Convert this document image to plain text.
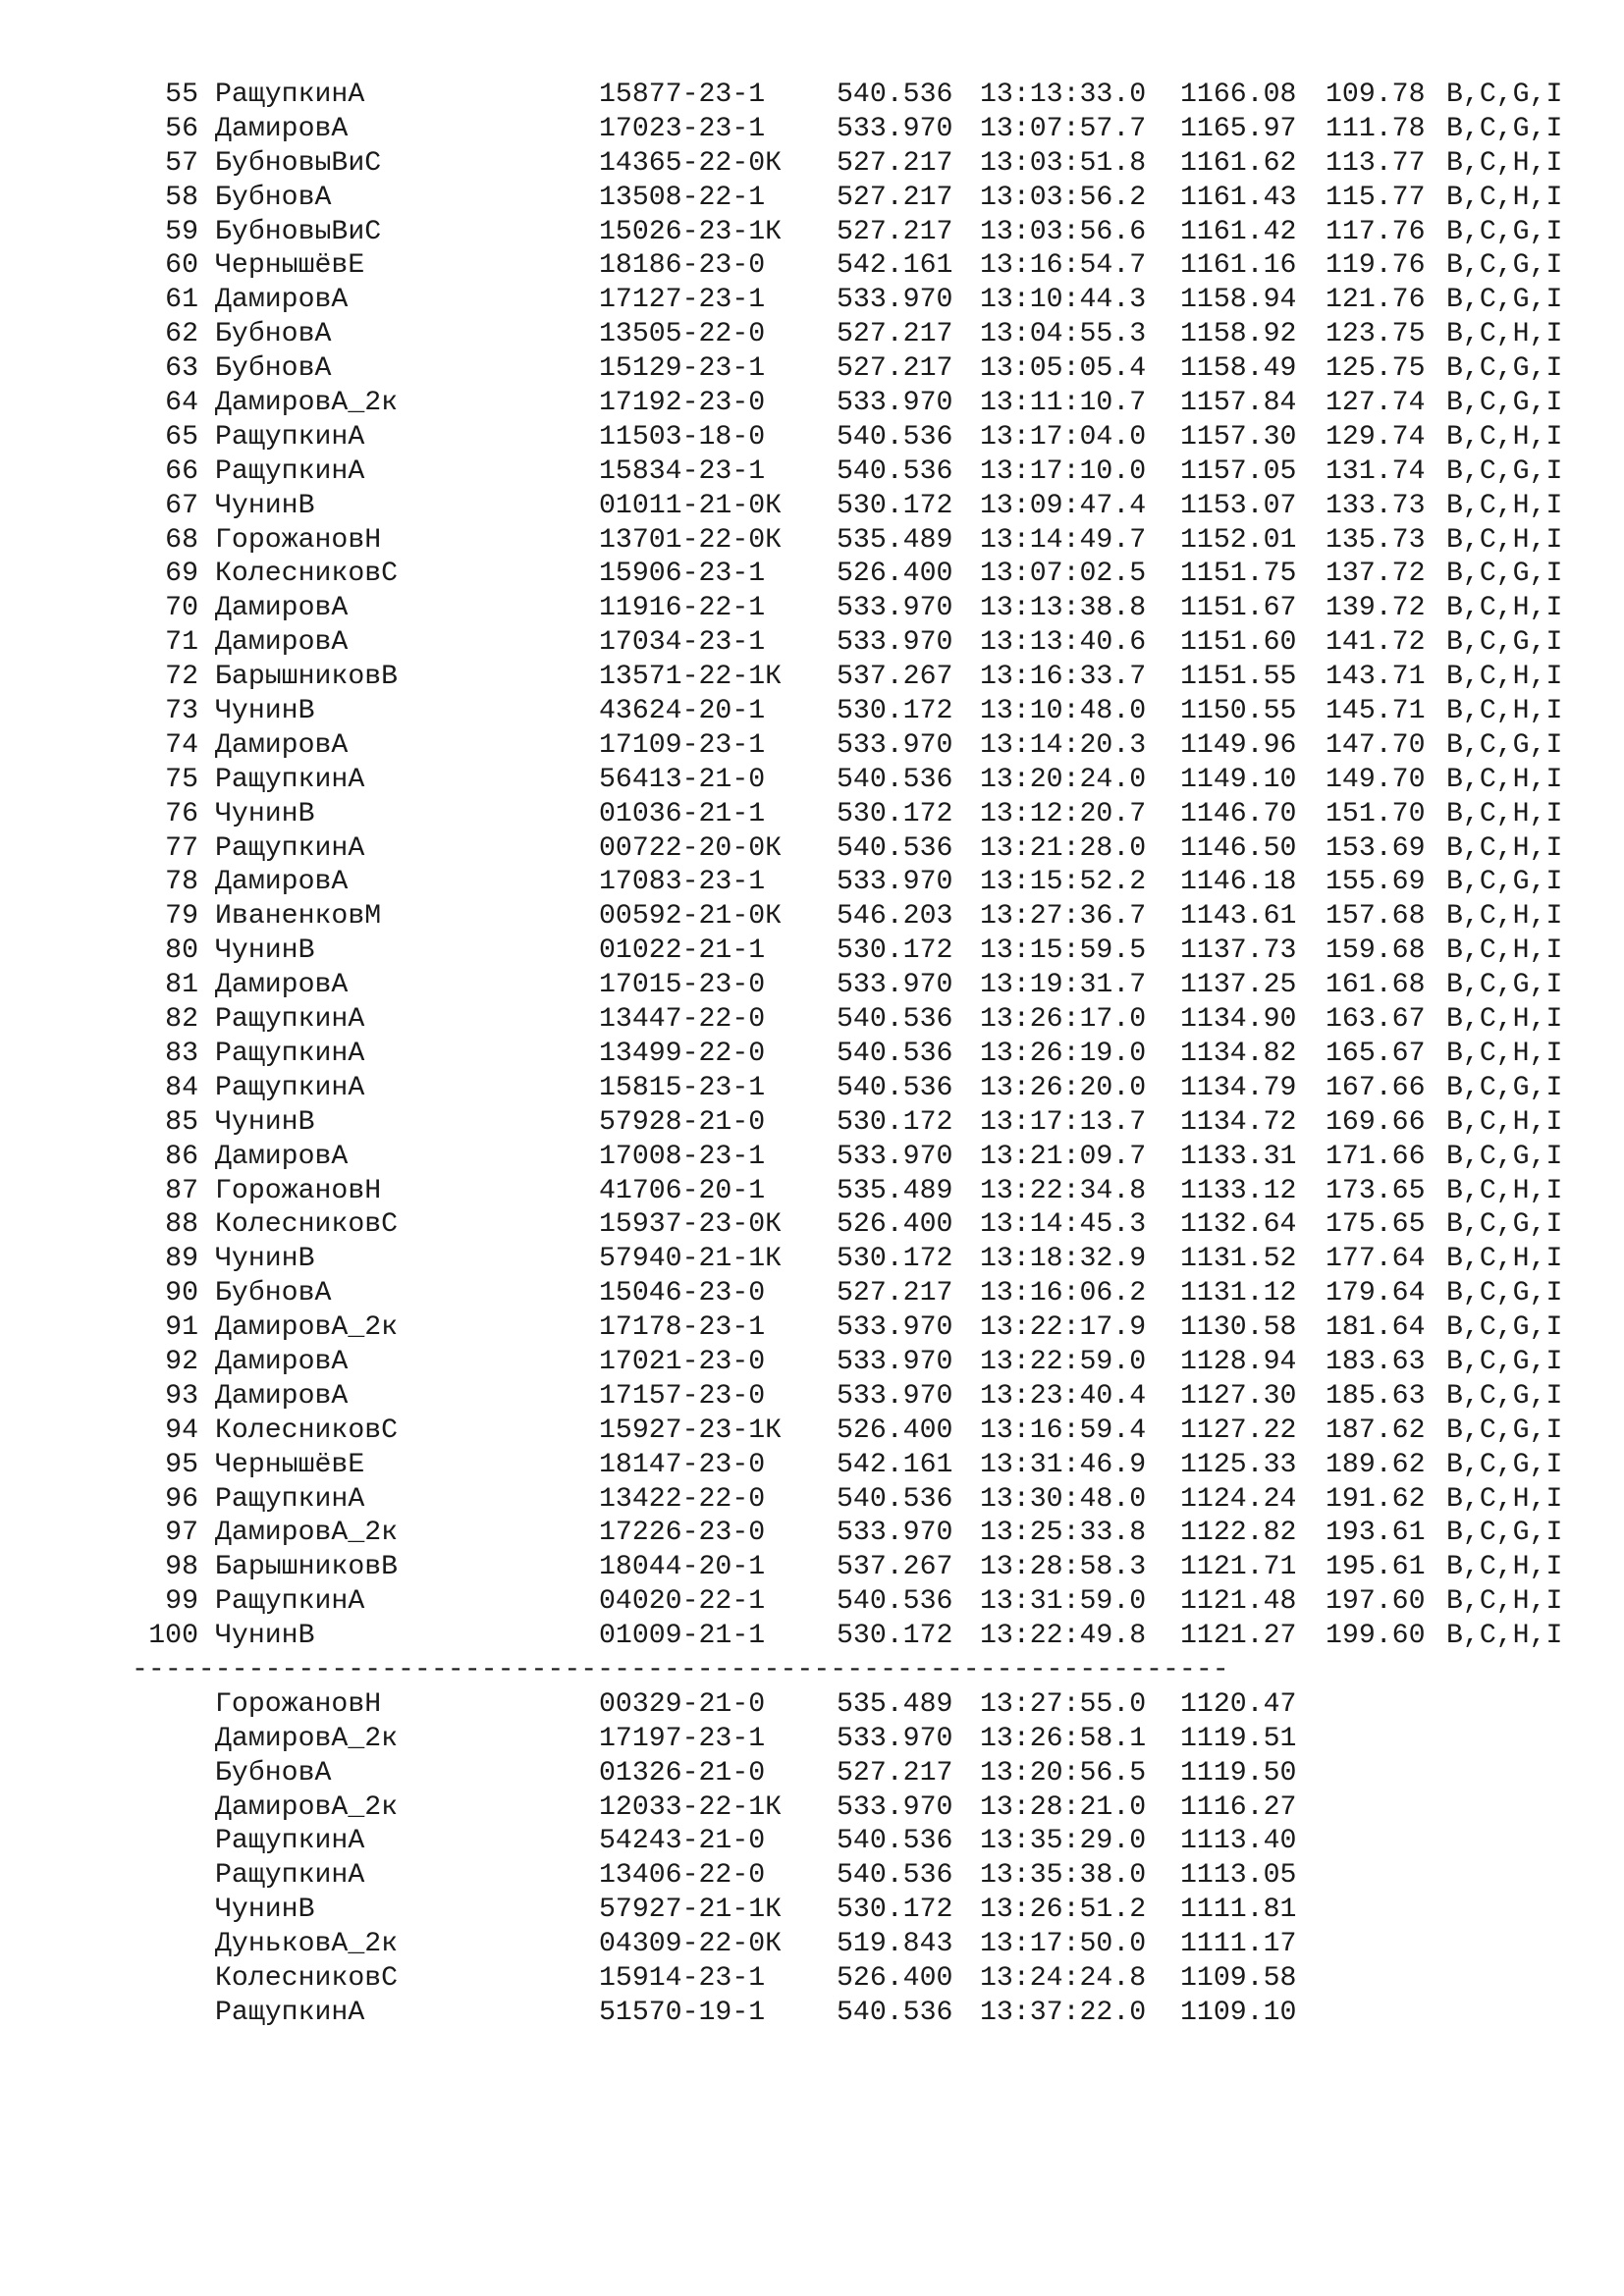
55 РащупкинА	15877-23-1	540.536 13:13:33.0 1166.08 109.78 B,C,G,I
56 ДамировА	17023-23-1	533.970 13:07:57.7 1165.97 111.78 B,C,G,I
57 БубновыВиС	14365-22-0К 527.217 13:03:51.8 1161.62 113.77 B,C,H,I
58 БубновА	13508-22-1	527.217 13:03:56.2 1161.43 115.77 B,C,H,I
59 БубновыВиС	15026-23-1К 527.217 13:03:56.6 1161.42 117.76 B,C,G,I
60 ЧернышёвЕ	18186-23-0	542.161 13:16:54.7 1161.16 119.76 B,C,G,I
61 ДамировА	17127-23-1	533.970 13:10:44.3 1158.94 121.76 B,C,G,I
62 БубновА	13505-22-0	527.217 13:04:55.3 1158.92 123.75 B,C,H,I
63 БубновА	15129-23-1	527.217 13:05:05.4 1158.49 125.75 B,C,G,I
64 ДамировА_2к	17192-23-0	533.970 13:11:10.7 1157.84 127.74 B,C,G,I
65 РащупкинА	11503-18-0	540.536 13:17:04.0 1157.30 129.74 B,C,H,I
66 РащупкинА	15834-23-1	540.536 13:17:10.0 1157.05 131.74 B,C,G,I
67 ЧунинВ	01011-21-0К 530.172 13:09:47.4 1153.07 133.73 B,C,H,I
68 ГорожановН	13701-22-0К 535.489 13:14:49.7 1152.01 135.73 B,C,H,I
69 КолесниковС	15906-23-1	526.400 13:07:02.5 1151.75 137.72 B,C,G,I
70 ДамировА	11916-22-1	533.970 13:13:38.8 1151.67 139.72 B,C,H,I
71 ДамировА	17034-23-1	533.970 13:13:40.6 1151.60 141.72 B,C,G,I
72 БарышниковВ	13571-22-1К 537.267 13:16:33.7 1151.55 143.71 B,C,H,I
73 ЧунинВ	43624-20-1	530.172 13:10:48.0 1150.55 145.71 B,C,H,I
74 ДамировА	17109-23-1	533.970 13:14:20.3 1149.96 147.70 B,C,G,I
75 РащупкинА	56413-21-0	540.536 13:20:24.0 1149.10 149.70 B,C,H,I
76 ЧунинВ	01036-21-1	530.172 13:12:20.7 1146.70 151.70 B,C,H,I
77 РащупкинА	00722-20-0К 540.536 13:21:28.0 1146.50 153.69 B,C,H,I
78 ДамировА	17083-23-1	533.970 13:15:52.2 1146.18 155.69 B,C,G,I
79 ИваненковМ	00592-21-0К 546.203 13:27:36.7 1143.61 157.68 B,C,H,I
80 ЧунинВ	01022-21-1	530.172 13:15:59.5 1137.73 159.68 B,C,H,I
81 ДамировА	17015-23-0	533.970 13:19:31.7 1137.25 161.68 B,C,G,I
82 РащупкинА	13447-22-0	540.536 13:26:17.0 1134.90 163.67 B,C,H,I
83 РащупкинА	13499-22-0	540.536 13:26:19.0 1134.82 165.67 B,C,H,I
84 РащупкинА	15815-23-1	540.536 13:26:20.0 1134.79 167.66 B,C,G,I
85 ЧунинВ	57928-21-0	530.172 13:17:13.7 1134.72 169.66 B,C,H,I
86 ДамировА	17008-23-1	533.970 13:21:09.7 1133.31 171.66 B,C,G,I
87 ГорожановН	41706-20-1	535.489 13:22:34.8 1133.12 173.65 B,C,H,I
88 КолесниковС	15937-23-0К 526.400 13:14:45.3 1132.64 175.65 B,C,G,I
89 ЧунинВ	57940-21-1К 530.172 13:18:32.9 1131.52 177.64 B,C,H,I
90 БубновА	15046-23-0	527.217 13:16:06.2 1131.12 179.64 B,C,G,I
91 ДамировА_2к	17178-23-1	533.970 13:22:17.9 1130.58 181.64 B,C,G,I
92 ДамировА	17021-23-0	533.970 13:22:59.0 1128.94 183.63 B,C,G,I
93 ДамировА	17157-23-0	533.970 13:23:40.4 1127.30 185.63 B,C,G,I
94 КолесниковС	15927-23-1К 526.400 13:16:59.4 1127.22 187.62 B,C,G,I
95 ЧернышёвЕ	18147-23-0	542.161 13:31:46.9 1125.33 189.62 B,C,G,I
96 РащупкинА	13422-22-0	540.536 13:30:48.0 1124.24 191.62 B,C,H,I
97 ДамировА_2к	17226-23-0	533.970 13:25:33.8 1122.82 193.61 B,C,G,I
98 БарышниковВ	18044-20-1	537.267 13:28:58.3 1121.71 195.61 B,C,H,I
99 РащупкинА	04020-22-1	540.536 13:31:59.0 1121.48 197.60 B,C,H,I
100 ЧунинВ	01009-21-1	530.172 13:22:49.8 1121.27 199.60 B,C,H,I
------------------------------------------------------------------
ГорожановН	00329-21-0	535.489 13:27:55.0 1120.47
ДамировА_2к	17197-23-1	533.970 13:26:58.1 1119.51
БубновА	01326-21-0	527.217 13:20:56.5 1119.50
ДамировА_2к	12033-22-1К 533.970 13:28:21.0 1116.27
РащупкинА	54243-21-0	540.536 13:35:29.0 1113.40
РащупкинА	13406-22-0	540.536 13:35:38.0 1113.05
ЧунинВ	57927-21-1К 530.172 13:26:51.2 1111.81
ДуньковА_2к	04309-22-0К 519.843 13:17:50.0 1111.17
КолесниковС	15914-23-1	526.400 13:24:24.8 1109.58
РащупкинА	51570-19-1	540.536 13:37:22.0 1109.10
